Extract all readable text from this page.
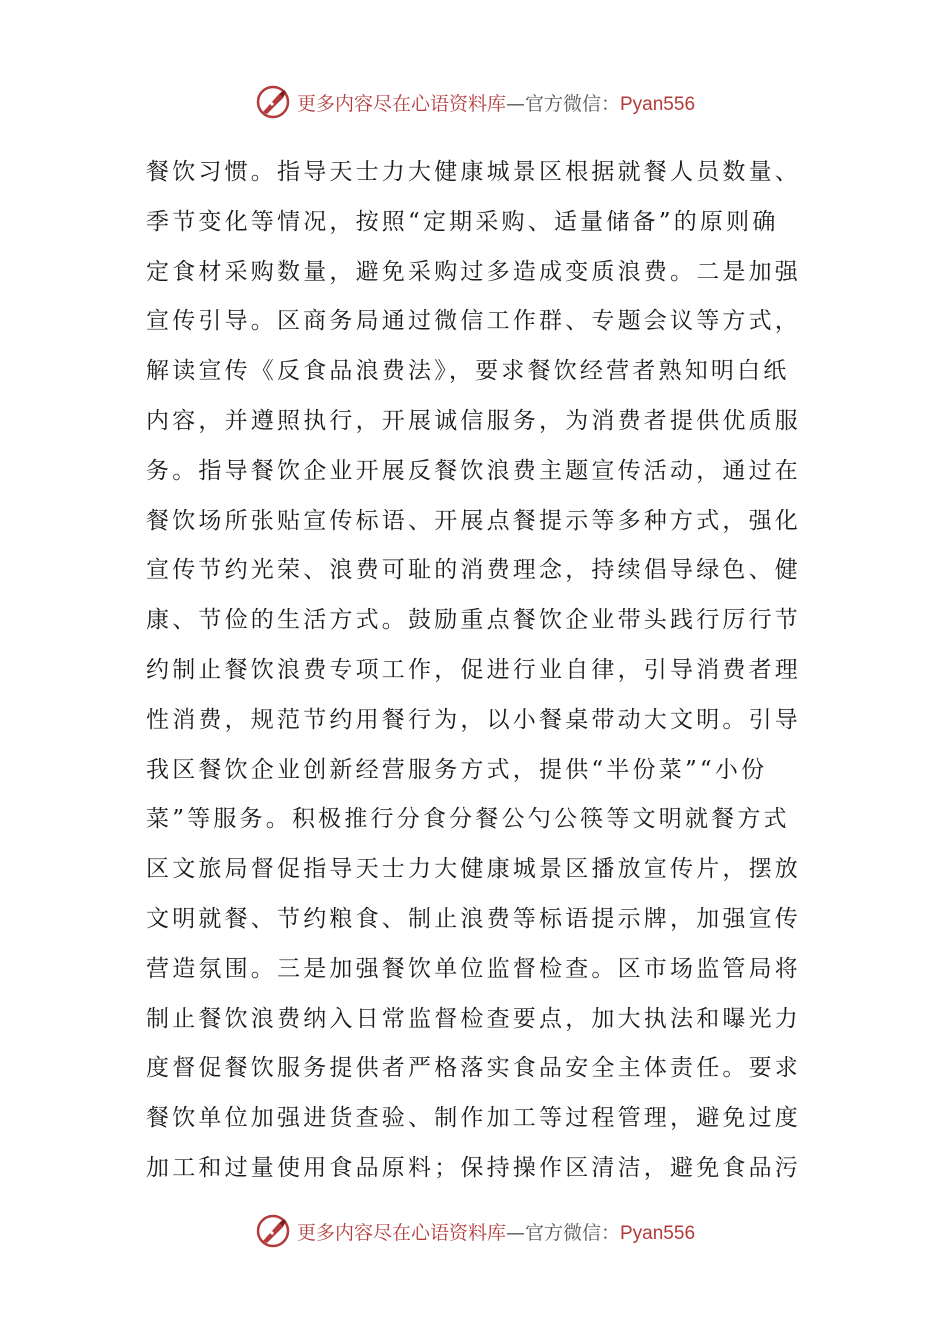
更多内容尽在心语资料库—官方微信：Pyan556
餐饮习惯。指导天士力大健康城景区根据就餐人员数量、
季节变化等情况，按照“定期采购、适量储备”的原则确
定食材采购数量，避免采购过多造成变质浪费。二是加强
宣传引导。区商务局通过微信工作群、专题会议等方式，
解读宣传《反食品浪费法》，要求餐饮经营者熟知明白纸
内容，并遵照执行，开展诚信服务，为消费者提供优质服
务。指导餐饮企业开展反餐饮浪费主题宣传活动，通过在
餐饮场所张贴宣传标语、开展点餐提示等多种方式，强化
宣传节约光荣、浪费可耻的消费理念，持续倡导绿色、健
康、节俭的生活方式。鼓励重点餐饮企业带头践行厉行节
约制止餐饮浪费专项工作，促进行业自律，引导消费者理
性消费，规范节约用餐行为，以小餐桌带动大文明。引导
我区餐饮企业创新经营服务方式，提供“半份菜”“小份
菜”等服务。积极推行分食分餐公勺公筷等文明就餐方式
区文旅局督促指导天士力大健康城景区播放宣传片，摆放
文明就餐、节约粮食、制止浪费等标语提示牌，加强宣传
营造氛围。三是加强餐饮单位监督检查。区市场监管局将
制止餐饮浪费纳入日常监督检查要点，加大执法和曝光力
度督促餐饮服务提供者严格落实食品安全主体责任。要求
餐饮单位加强进货查验、制作加工等过程管理，避免过度
加工和过量使用食品原料；保持操作区清洁，避免食品污
更多内容尽在心语资料库—官方微信：Pyan556
